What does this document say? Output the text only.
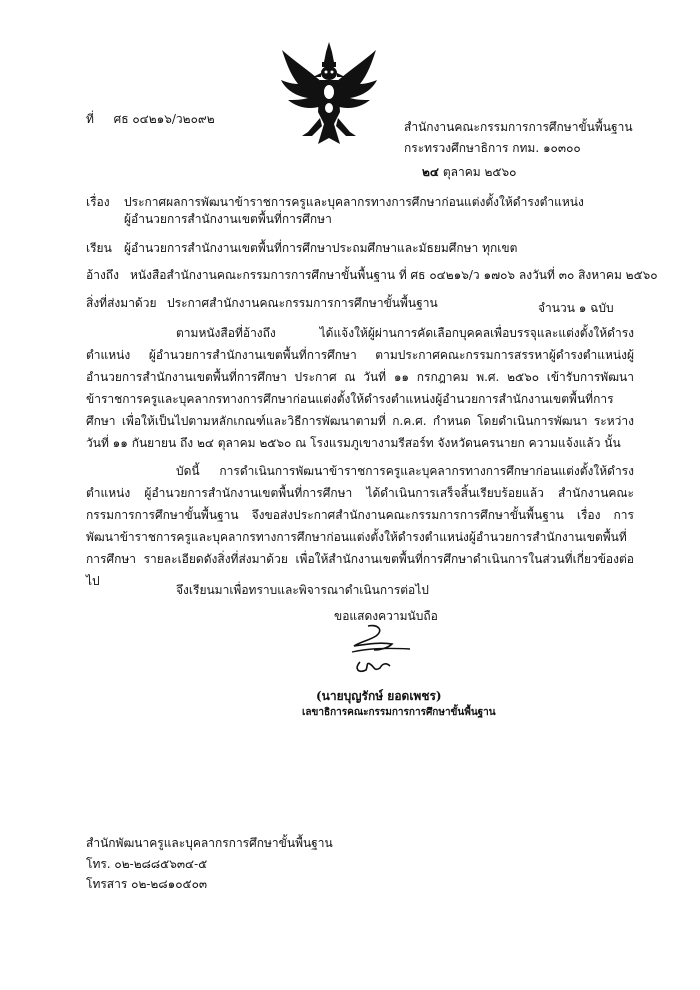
ที่ ศธ ๐๔๒๑๖/ว๒๐๙๒
สำนักงานคณะกรรมการการศึกษาขั้นพื้นฐาน
กระทรวงศึกษาธิการ กทม. ๑๐๓๐๐
๒๔ ตุลาคม ๒๕๖๐
เรื่อง ประกาศผลการพัฒนาข้าราชการครูและบุคลากรทางการศึกษาก่อนแต่งตั้งให้ดำรงตำแหน่ง
ผู้อำนวยการสำนักงานเขตพื้นที่การศึกษา
เรียน ผู้อำนวยการสำนักงานเขตพื้นที่การศึกษาประถมศึกษาและมัธยมศึกษา ทุกเขต
อ้างถึง หนังสือสำนักงานคณะกรรมการการศึกษาขั้นพื้นฐาน ที่ ศธ ๐๔๒๑๖/ว ๑๗๐๖ ลงวันที่ ๓๐ สิงหาคม ๒๕๖๐
สิ่งที่ส่งมาด้วย ประกาศสำนักงานคณะกรรมการการศึกษาขั้นพื้นฐาน	จำนวน ๑ ฉบับ
ตามหนังสือที่อ้างถึง ได้แจ้งให้ผู้ผ่านการคัดเลือกบุคคลเพื่อบรรจุและแต่งตั้งให้ดำรงตำแหน่ง ผู้อำนวยการสำนักงานเขตพื้นที่การศึกษา ตามประกาศคณะกรรมการสรรหาผู้ดำรงตำแหน่งผู้อำนวยการสำนักงานเขตพื้นที่การศึกษา ประกาศ ณ วันที่ ๑๑ กรกฎาคม พ.ศ. ๒๕๖๐ เข้ารับการพัฒนาข้าราชการครูและบุคลากรทางการศึกษาก่อนแต่งตั้งให้ดำรงตำแหน่งผู้อำนวยการสำนักงานเขตพื้นที่การศึกษา เพื่อให้เป็นไปตามหลักเกณฑ์และวิธีการพัฒนาตามที่ ก.ค.ศ. กำหนด โดยดำเนินการพัฒนา ระหว่างวันที่ ๑๑ กันยายน ถึง ๒๔ ตุลาคม ๒๕๖๐ ณ โรงแรมภูเขางามรีสอร์ท จังหวัดนครนายก ความแจ้งแล้ว นั้น
บัดนี้ การดำเนินการพัฒนาข้าราชการครูและบุคลากรทางการศึกษาก่อนแต่งตั้งให้ดำรงตำแหน่ง ผู้อำนวยการสำนักงานเขตพื้นที่การศึกษา ได้ดำเนินการเสร็จสิ้นเรียบร้อยแล้ว สำนักงานคณะกรรมการการศึกษาขั้นพื้นฐาน จึงขอส่งประกาศสำนักงานคณะกรรมการการศึกษาขั้นพื้นฐาน เรื่อง การพัฒนาข้าราชการครูและบุคลากรทางการศึกษาก่อนแต่งตั้งให้ดำรงตำแหน่งผู้อำนวยการสำนักงานเขตพื้นที่การศึกษา รายละเอียดดังสิ่งที่ส่งมาด้วย เพื่อให้สำนักงานเขตพื้นที่การศึกษาดำเนินการในส่วนที่เกี่ยวข้องต่อไป
จึงเรียนมาเพื่อทราบและพิจารณาดำเนินการต่อไป
ขอแสดงความนับถือ
(นายบุญรักษ์ ยอดเพชร)
เลขาธิการคณะกรรมการการศึกษาขั้นพื้นฐาน
สำนักพัฒนาครูและบุคลากรการศึกษาขั้นพื้นฐาน
โทร. ๐๒-๒๘๘๕๖๓๔-๕
โทรสาร ๐๒-๒๘๑๐๕๐๓
